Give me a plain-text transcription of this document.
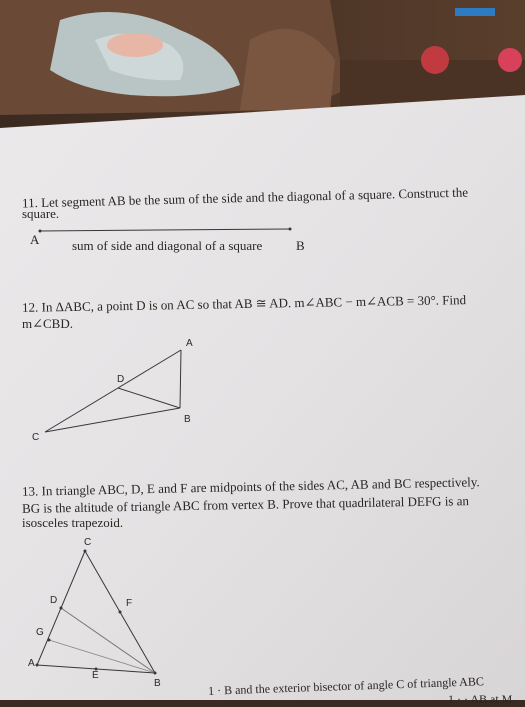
11. Let segment AB be the sum of the side and the diagonal of a square. Construct the
square.
A	sum of side and diagonal of a square	B
12. In ΔABC, a point D is on AC so that AB ≅ AD. m∠ABC − m∠ACB = 30°. Find
m∠CBD.
A
B
C
D
13. In triangle ABC, D, E and F are midpoints of the sides AC, AB and BC respectively.
BG is the altitude of triangle ABC from vertex B. Prove that quadrilateral DEFG is an
isosceles trapezoid.
C
D	F
G
A
E
B	1 · B and the exterior bisector of angle C of triangle ABC
1 · · AB at M.
